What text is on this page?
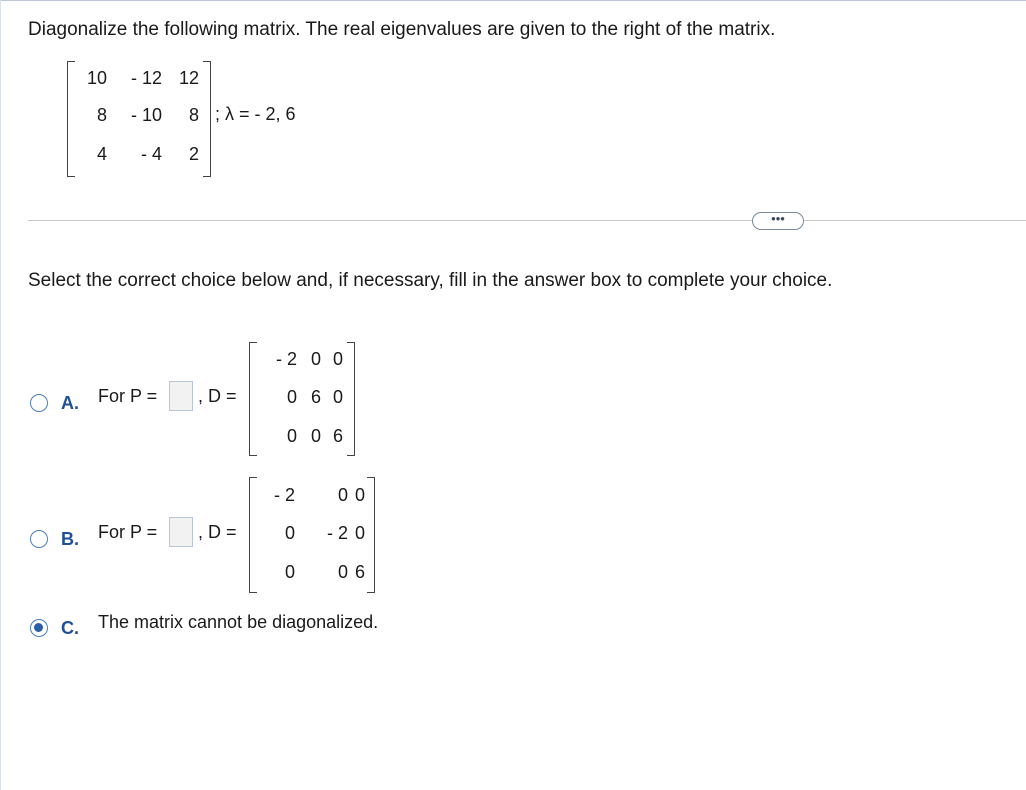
Diagonalize the following matrix. The real eigenvalues are given to the right of the matrix.
10	- 12 12
8	- 10	8
4	- 4	2
; λ = - 2, 6
•••
Select the correct choice below and, if necessary, fill in the answer box to complete your choice.
A. For P = , D =
- 2 0 0
0 6 0
0 0 6
B. For P = , D =
- 2	0 0
0	- 2 0
0	0 6
C. The matrix cannot be diagonalized.
